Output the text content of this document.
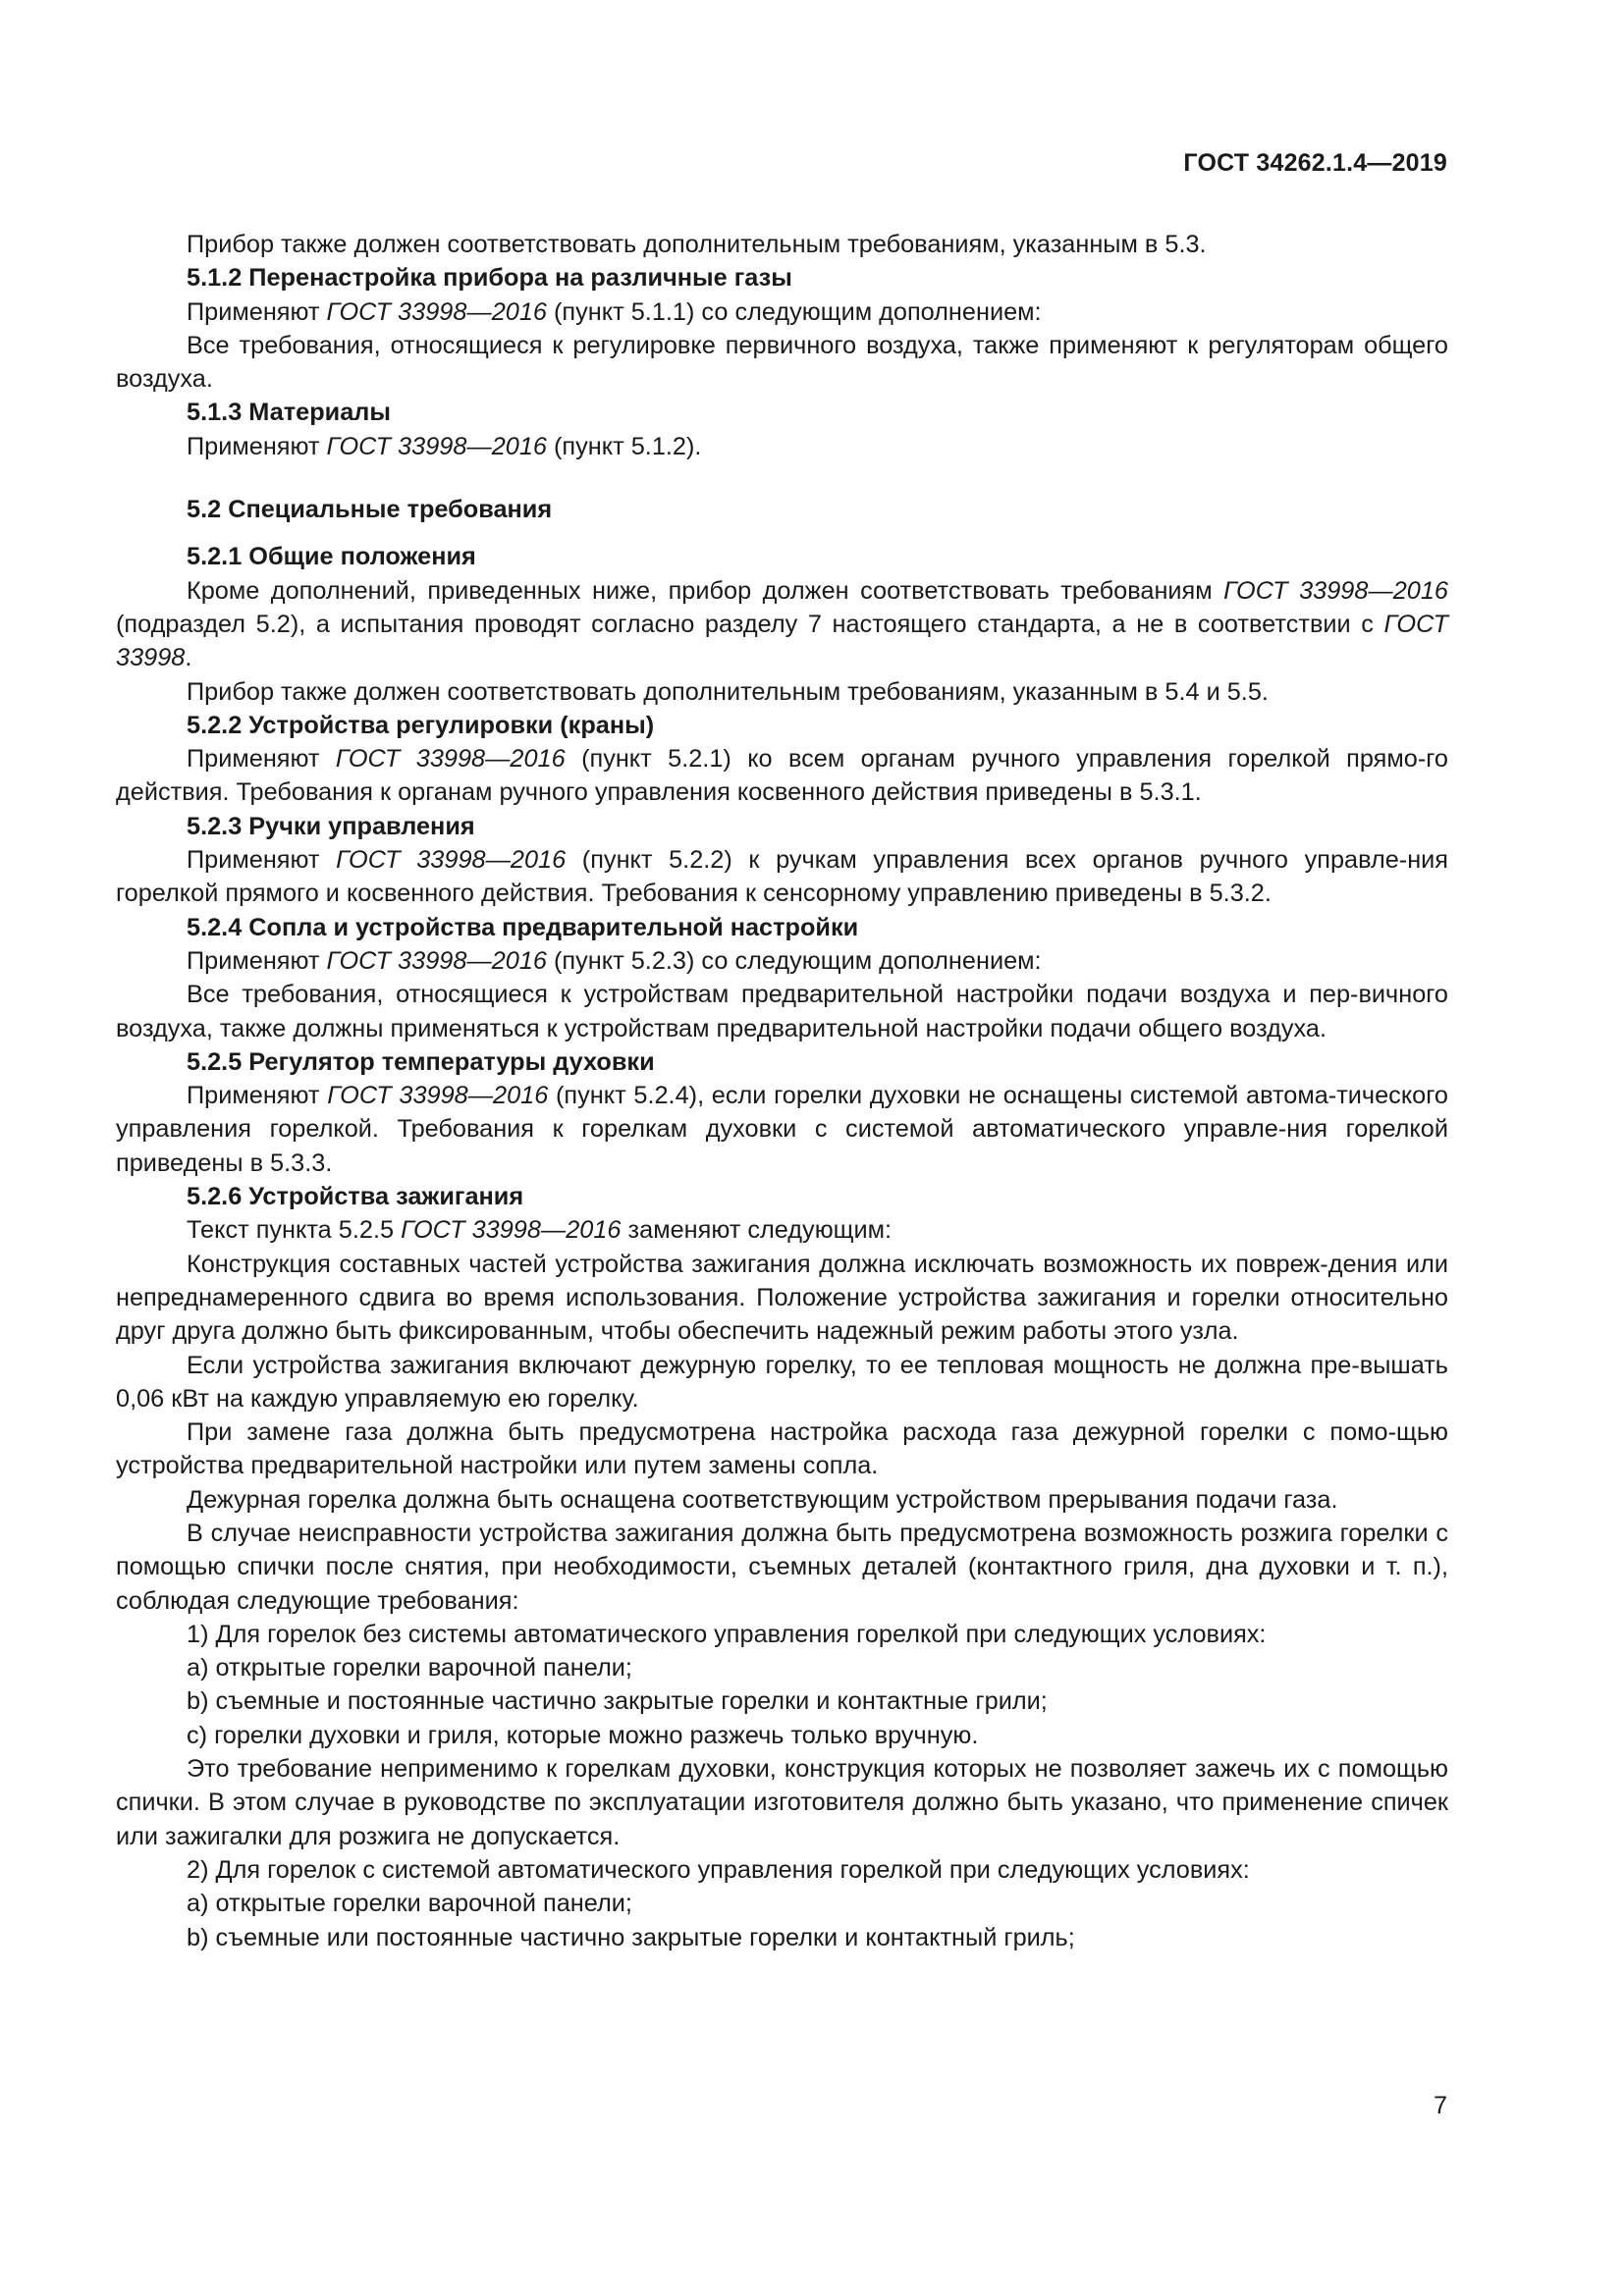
ГОСТ 34262.1.4—2019

Прибор также должен соответствовать дополнительным требованиям, указанным в 5.3.

5.1.2 Перенастройка прибора на различные газы

Применяют ГОСТ 33998—2016 (пункт 5.1.1) со следующим дополнением:

Все требования, относящиеся к регулировке первичного воздуха, также применяют к регуляторам общего воздуха.

5.1.3 Материалы

Применяют ГОСТ 33998—2016 (пункт 5.1.2).

5.2 Специальные требования

5.2.1 Общие положения

Кроме дополнений, приведенных ниже, прибор должен соответствовать требованиям ГОСТ 33998—2016 (подраздел 5.2), а испытания проводят согласно разделу 7 настоящего стандарта, а не в соответствии с ГОСТ 33998.

Прибор также должен соответствовать дополнительным требованиям, указанным в 5.4 и 5.5.

5.2.2 Устройства регулировки (краны)

Применяют ГОСТ 33998—2016 (пункт 5.2.1) ко всем органам ручного управления горелкой прямо-го действия. Требования к органам ручного управления косвенного действия приведены в 5.3.1.

5.2.3 Ручки управления

Применяют ГОСТ 33998—2016 (пункт 5.2.2) к ручкам управления всех органов ручного управле-ния горелкой прямого и косвенного действия. Требования к сенсорному управлению приведены в 5.3.2.

5.2.4 Сопла и устройства предварительной настройки

Применяют ГОСТ 33998—2016 (пункт 5.2.3) со следующим дополнением:

Все требования, относящиеся к устройствам предварительной настройки подачи воздуха и пер-вичного воздуха, также должны применяться к устройствам предварительной настройки подачи общего воздуха.

5.2.5 Регулятор температуры духовки

Применяют ГОСТ 33998—2016 (пункт 5.2.4), если горелки духовки не оснащены системой автома-тического управления горелкой. Требования к горелкам духовки с системой автоматического управле-ния горелкой приведены в 5.3.3.

5.2.6 Устройства зажигания

Текст пункта 5.2.5 ГОСТ 33998—2016 заменяют следующим:

Конструкция составных частей устройства зажигания должна исключать возможность их повреж-дения или непреднамеренного сдвига во время использования. Положение устройства зажигания и горелки относительно друг друга должно быть фиксированным, чтобы обеспечить надежный режим работы этого узла.

Если устройства зажигания включают дежурную горелку, то ее тепловая мощность не должна пре-вышать 0,06 кВт на каждую управляемую ею горелку.

При замене газа должна быть предусмотрена настройка расхода газа дежурной горелки с помо-щью устройства предварительной настройки или путем замены сопла.

Дежурная горелка должна быть оснащена соответствующим устройством прерывания подачи газа.

В случае неисправности устройства зажигания должна быть предусмотрена возможность розжига горелки с помощью спички после снятия, при необходимости, съемных деталей (контактного гриля, дна духовки и т. п.), соблюдая следующие требования:

1) Для горелок без системы автоматического управления горелкой при следующих условиях:

а) открытые горелки варочной панели;

b) съемные и постоянные частично закрытые горелки и контактные грили;

с) горелки духовки и гриля, которые можно разжечь только вручную.

Это требование неприменимо к горелкам духовки, конструкция которых не позволяет зажечь их с помощью спички. В этом случае в руководстве по эксплуатации изготовителя должно быть указано, что применение спичек или зажигалки для розжига не допускается.

2) Для горелок с системой автоматического управления горелкой при следующих условиях:

а) открытые горелки варочной панели;

b) съемные или постоянные частично закрытые горелки и контактный гриль;

7
